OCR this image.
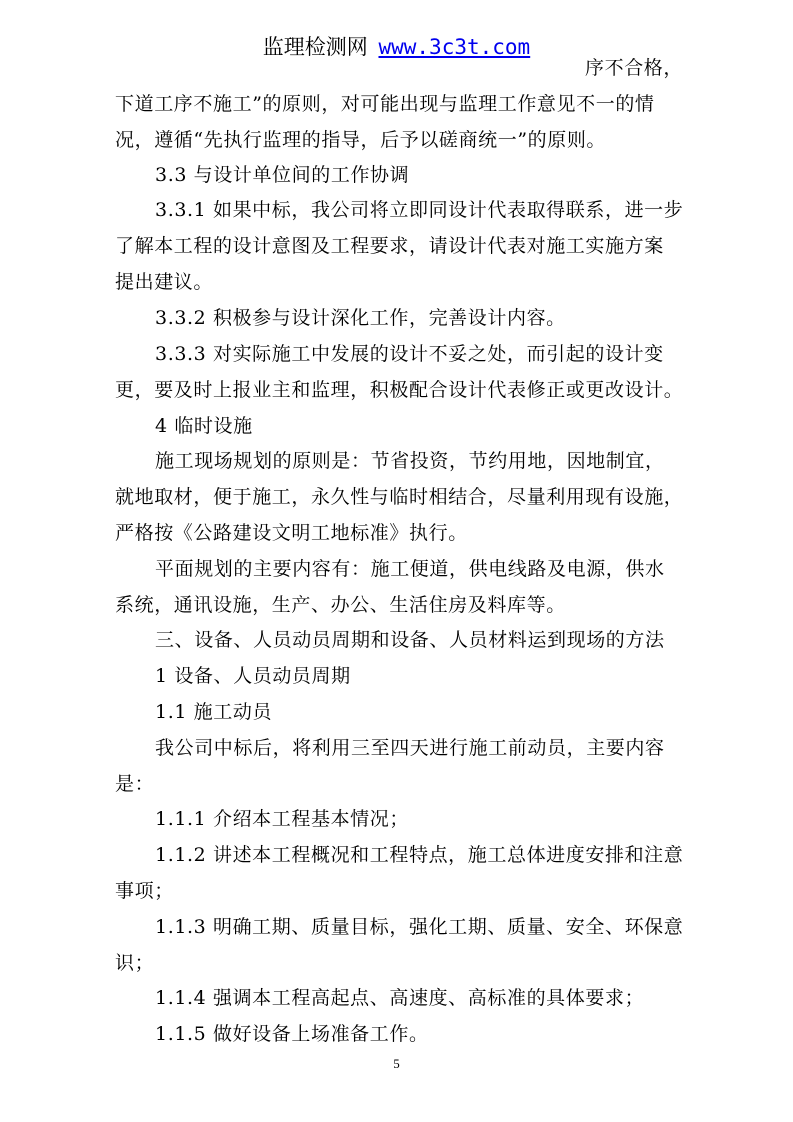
监理检测网 www.3c3t.com
序不合格，
下道工序不施工”的原则，对可能出现与监理工作意见不一的情
况，遵循“先执行监理的指导，后予以磋商统一”的原则。
3.3 与设计单位间的工作协调
3.3.1 如果中标，我公司将立即同设计代表取得联系，进一步
了解本工程的设计意图及工程要求，请设计代表对施工实施方案
提出建议。
3.3.2 积极参与设计深化工作，完善设计内容。
3.3.3 对实际施工中发展的设计不妥之处，而引起的设计变
更，要及时上报业主和监理，积极配合设计代表修正或更改设计。
4 临时设施
施工现场规划的原则是：节省投资，节约用地，因地制宜，
就地取材，便于施工，永久性与临时相结合，尽量利用现有设施，
严格按《公路建设文明工地标准》执行。
平面规划的主要内容有：施工便道，供电线路及电源，供水
系统，通讯设施，生产、办公、生活住房及料库等。
三、设备、人员动员周期和设备、人员材料运到现场的方法
1 设备、人员动员周期
1.1 施工动员
我公司中标后，将利用三至四天进行施工前动员，主要内容
是：
1.1.1 介绍本工程基本情况；
1.1.2 讲述本工程概况和工程特点，施工总体进度安排和注意
事项；
1.1.3 明确工期、质量目标，强化工期、质量、安全、环保意
识；
1.1.4 强调本工程高起点、高速度、高标准的具体要求；
1.1.5 做好设备上场准备工作。
5
